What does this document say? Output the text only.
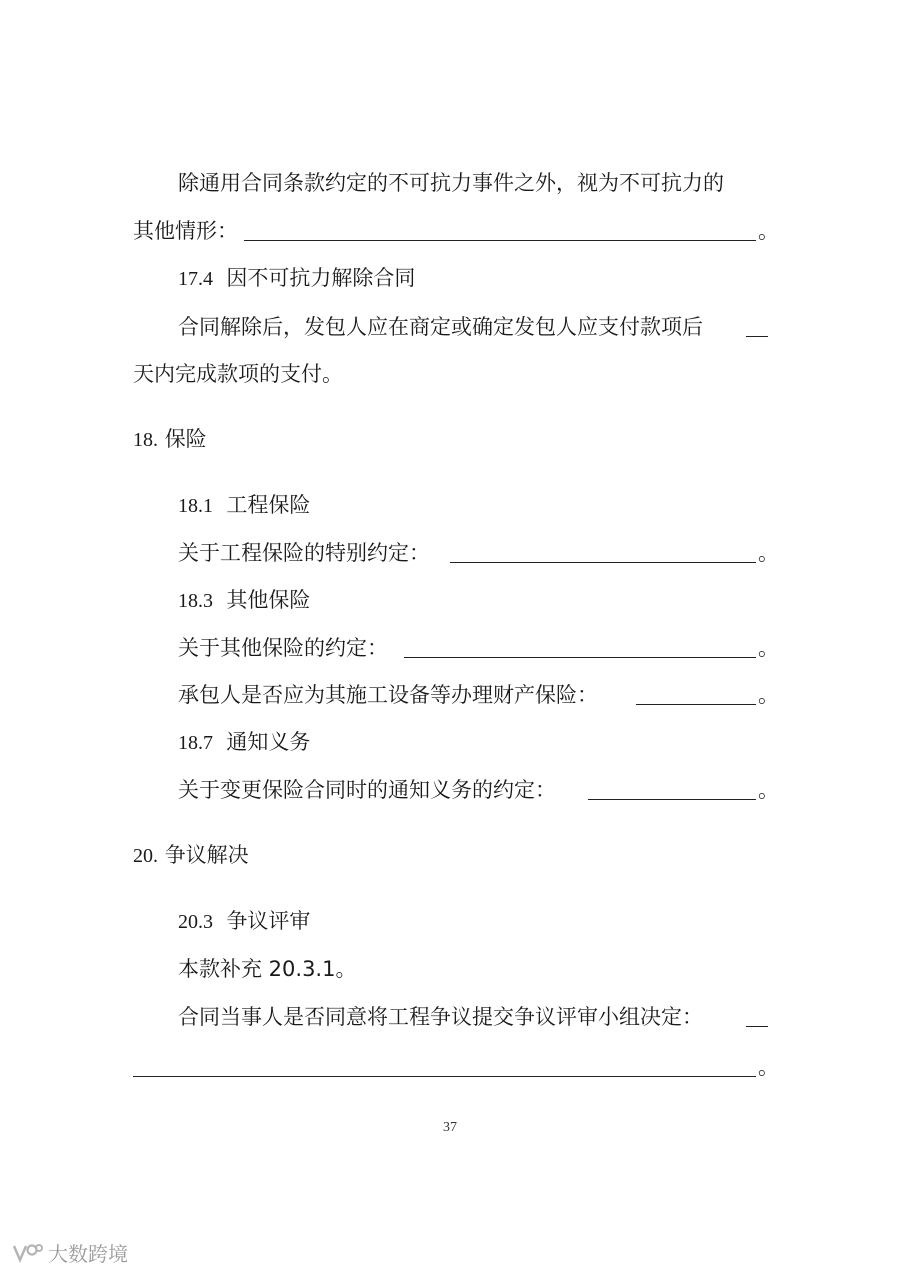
除通用合同条款约定的不可抗力事件之外，视为不可抗力的
其他情形：	。
17.4 因不可抗力解除合同
合同解除后，发包人应在商定或确定发包人应支付款项后
天内完成款项的支付。
18. 保险
18.1 工程保险
关于工程保险的特别约定：	。
18.3 其他保险
关于其他保险的约定：	。
承包人是否应为其施工设备等办理财产保险：	。
18.7 通知义务
关于变更保险合同时的通知义务的约定：	。
20. 争议解决
20.3 争议评审
本款补充 20.3.1。
合同当事人是否同意将工程争议提交争议评审小组决定：
。
37
大数跨境
